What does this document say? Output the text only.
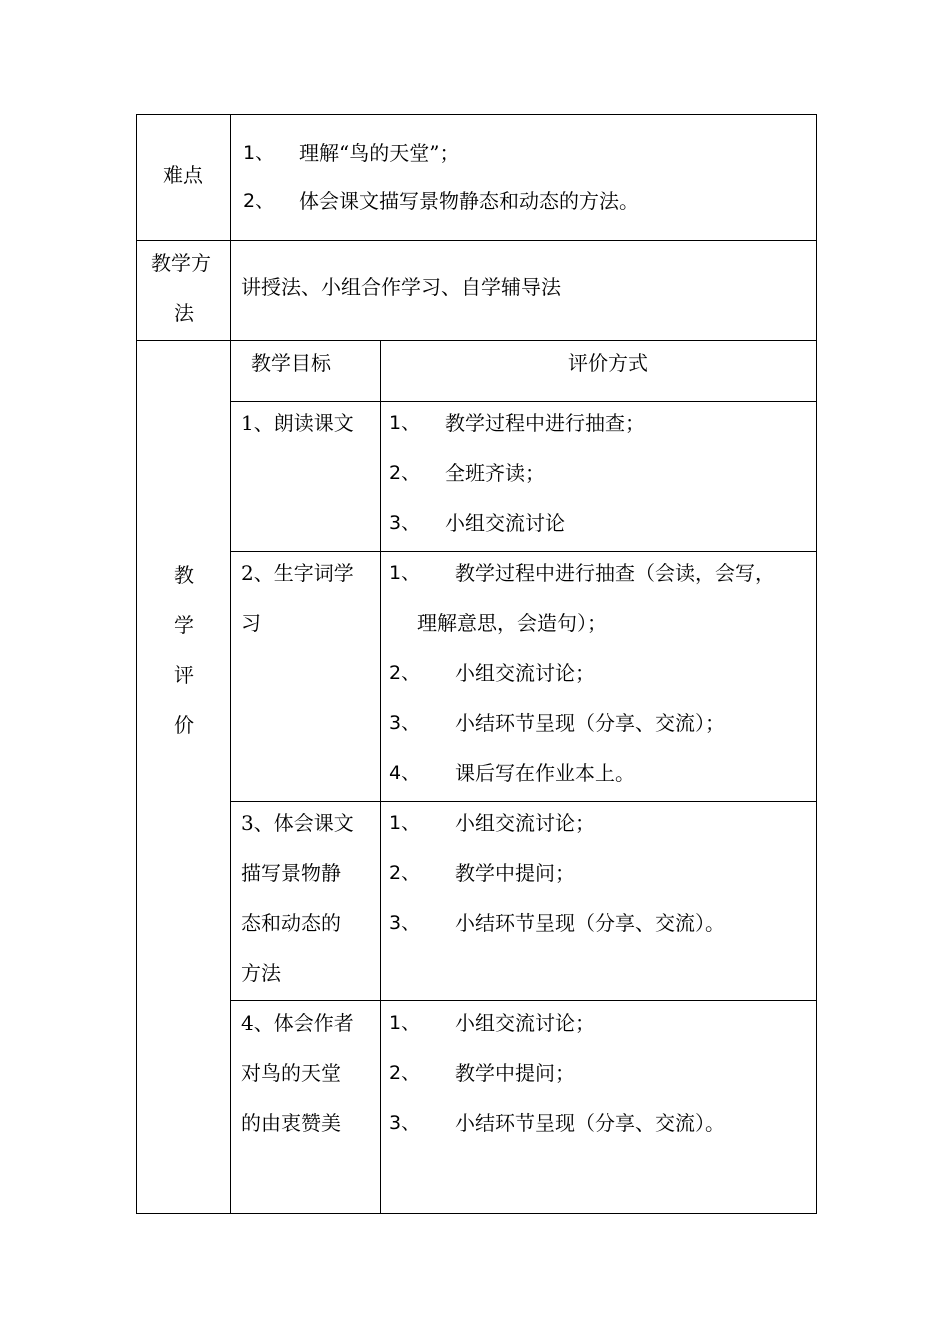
难点
1、 理解“鸟的天堂”；
2、 体会课文描写景物静态和动态的方法。
教学方
法
讲授法、小组合作学习、自学辅导法
教
学
评
价
教学目标	评价方式
1、朗读课文 1、 教学过程中进行抽查；
2、 全班齐读；
3、 小组交流讨论
2、生字词学
习
1、 教学过程中进行抽查（会读，会写，
理解意思，会造句）；
2、 小组交流讨论；
3、 小结环节呈现（分享、交流）；
4、 课后写在作业本上。
3、体会课文
描写景物静
态和动态的
方法
1、 小组交流讨论；
2、 教学中提问；
3、 小结环节呈现（分享、交流）。
4、体会作者
对鸟的天堂
的由衷赞美
1、 小组交流讨论；
2、 教学中提问；
3、 小结环节呈现（分享、交流）。
